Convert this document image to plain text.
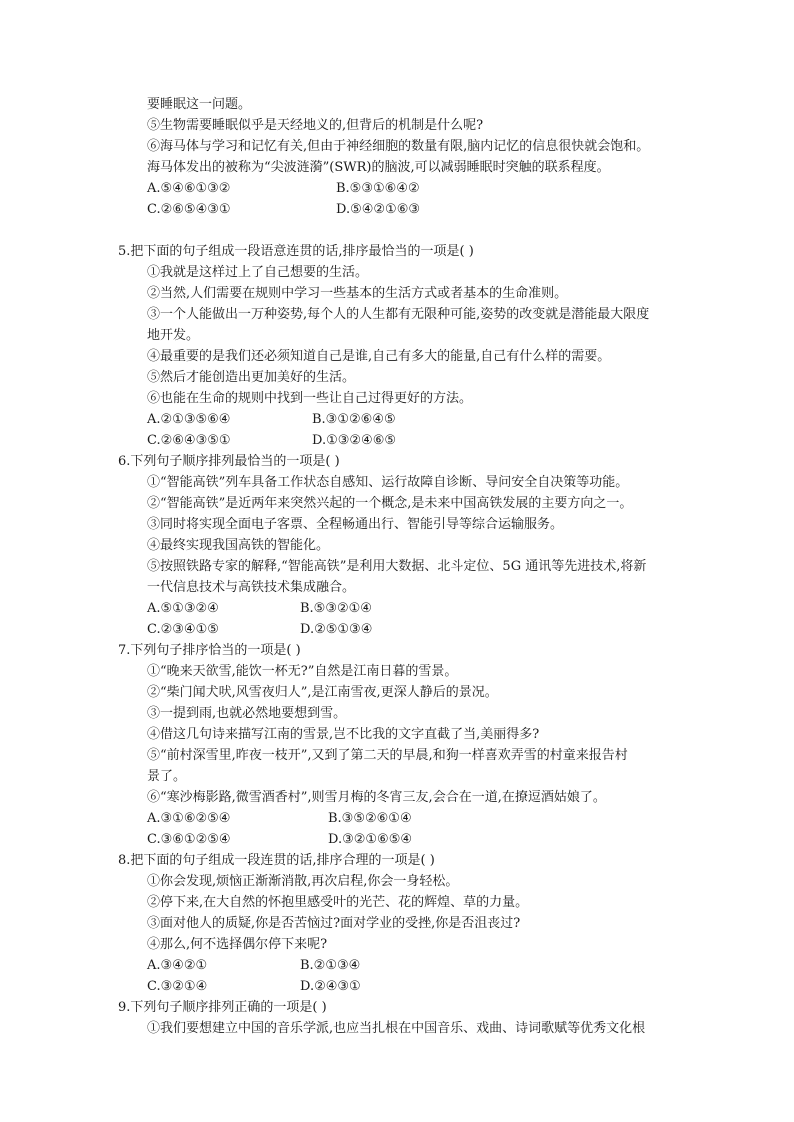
要睡眠这一问题。
⑤生物需要睡眠似乎是天经地义的,但背后的机制是什么呢?
⑥海马体与学习和记忆有关,但由于神经细胞的数量有限,脑内记忆的信息很快就会饱和。
海马体发出的被称为“尖波涟漪”(SWR)的脑波,可以减弱睡眠时突触的联系程度。
A.⑤④⑥①③②	B.⑤③①⑥④②
C.②⑥⑤④③①	D.⑤④②①⑥③
5.把下面的句子组成一段语意连贯的话,排序最恰当的一项是( )
①我就是这样过上了自己想要的生活。
②当然,人们需要在规则中学习一些基本的生活方式或者基本的生命准则。
③一个人能做出一万种姿势,每个人的人生都有无限种可能,姿势的改变就是潜能最大限度
地开发。
④最重要的是我们还必须知道自己是谁,自己有多大的能量,自己有什么样的需要。
⑤然后才能创造出更加美好的生活。
⑥也能在生命的规则中找到一些让自己过得更好的方法。
A.②①③⑤⑥④	B.③①②⑥④⑤
C.②⑥④③⑤①	D.①③②④⑥⑤
6.下列句子顺序排列最恰当的一项是( )
①“智能高铁”列车具备工作状态自感知、运行故障自诊断、导问安全自决策等功能。
②“智能高铁”是近两年来突然兴起的一个概念,是未来中国高铁发展的主要方向之一。
③同时将实现全面电子客票、全程畅通出行、智能引导等综合运输服务。
④最终实现我国高铁的智能化。
⑤按照铁路专家的解释,“智能高铁”是利用大数据、北斗定位、5G 通讯等先进技术,将新
一代信息技术与高铁技术集成融合。
A.⑤①③②④	B.⑤③②①④
C.②③④①⑤	D.②⑤①③④
7.下列句子排序恰当的一项是( )
①“晚来天欲雪,能饮一杯无?”自然是江南日暮的雪景。
②“柴门闻犬吠,风雪夜归人”,是江南雪夜,更深人静后的景况。
③一提到雨,也就必然地要想到雪。
④借这几句诗来描写江南的雪景,岂不比我的文字直截了当,美丽得多?
⑤“前村深雪里,昨夜一枝开”,又到了第二天的早晨,和狗一样喜欢弄雪的村童来报告村
景了。
⑥“寒沙梅影路,微雪酒香村”,则雪月梅的冬宵三友,会合在一道,在撩逗酒姑娘了。
A.③①⑥②⑤④	B.③⑤②⑥①④
C.③⑥①②⑤④	D.③②①⑥⑤④
8.把下面的句子组成一段连贯的话,排序合理的一项是( )
①你会发现,烦恼正渐渐消散,再次启程,你会一身轻松。
②停下来,在大自然的怀抱里感受叶的光芒、花的辉煌、草的力量。
③面对他人的质疑,你是否苦恼过?面对学业的受挫,你是否沮丧过?
④那么,何不选择偶尔停下来呢?
A.③④②①	B.②①③④
C.③②①④	D.②④③①
9.下列句子顺序排列正确的一项是( )
①我们要想建立中国的音乐学派,也应当扎根在中国音乐、戏曲、诗词歌赋等优秀文化根
